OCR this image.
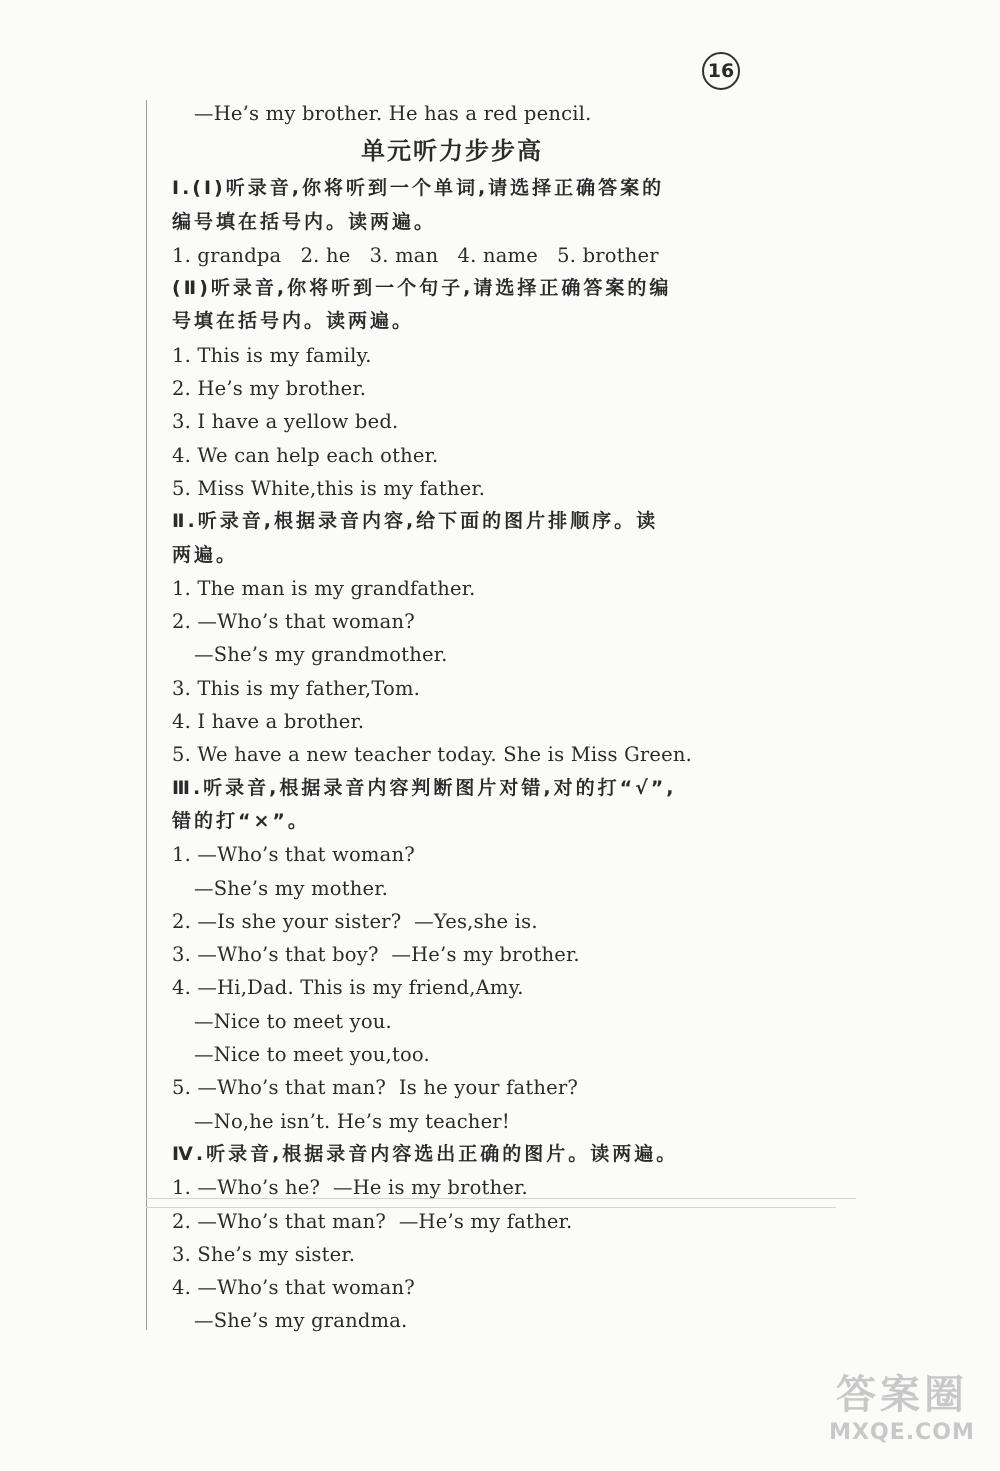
16
—He’s my brother. He has a red pencil.
单元听力步步高
Ⅰ.(Ⅰ)听录音,你将听到一个单词,请选择正确答案的
编号填在括号内。读两遍。
1. grandpa   2. he   3. man   4. name   5. brother
(Ⅱ)听录音,你将听到一个句子,请选择正确答案的编
号填在括号内。读两遍。
1. This is my family.
2. He’s my brother.
3. I have a yellow bed.
4. We can help each other.
5. Miss White,this is my father.
Ⅱ.听录音,根据录音内容,给下面的图片排顺序。读
两遍。
1. The man is my grandfather.
2. —Who’s that woman?
—She’s my grandmother.
3. This is my father,Tom.
4. I have a brother.
5. We have a new teacher today. She is Miss Green.
Ⅲ.听录音,根据录音内容判断图片对错,对的打“√”,
错的打“×”。
1. —Who’s that woman?
—She’s my mother.
2. —Is she your sister?  —Yes,she is.
3. —Who’s that boy?  —He’s my brother.
4. —Hi,Dad. This is my friend,Amy.
—Nice to meet you.
—Nice to meet you,too.
5. —Who’s that man?  Is he your father?
—No,he isn’t. He’s my teacher!
Ⅳ.听录音,根据录音内容选出正确的图片。读两遍。
1. —Who’s he?  —He is my brother.
2. —Who’s that man?  —He’s my father.
3. She’s my sister.
4. —Who’s that woman?
—She’s my grandma.
答案圈
MXQE.COM
